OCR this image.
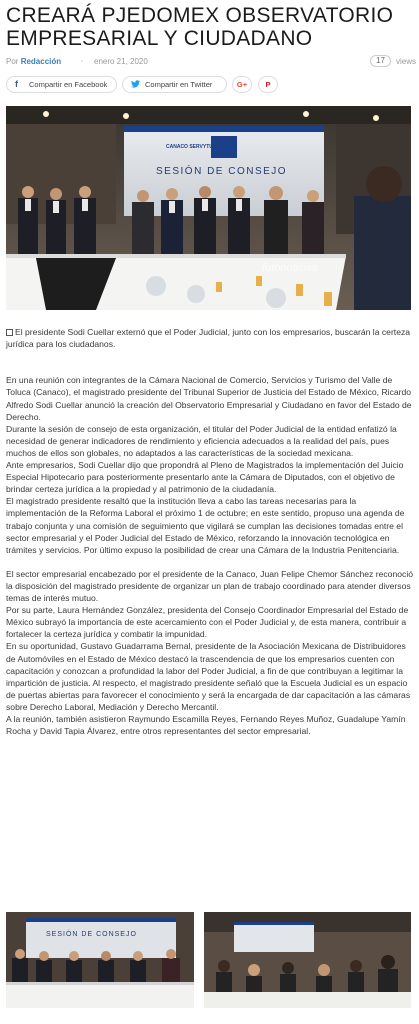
CREARÁ PJEDOMEX OBSERVATORIO EMPRESARIAL Y CIUDADANO
Por Redacción · enero 21, 2020	17	views
f Compartir en Facebook	Compartir en Twitter	G+	P
CANACO SERVYTUR
SESIÓN DE CONSEJO
fotonoticias

El presidente Sodi Cuellar externó que el Poder Judicial, junto con los empresarios, buscarán la certeza jurídica para los ciudadanos.

En una reunión con integrantes de la Cámara Nacional de Comercio, Servicios y Turismo del Valle de Toluca (Canaco), el magistrado presidente del Tribunal Superior de Justicia del Estado de México, Ricardo Alfredo Sodi Cuellar anunció la creación del Observatorio Empresarial y Ciudadano en favor del Estado de Derecho.

Durante la sesión de consejo de esta organización, el titular del Poder Judicial de la entidad enfatizó la necesidad de generar indicadores de rendimiento y eficiencia adecuados a la realidad del país, pues muchos de ellos son globales, no adaptados a las características de la sociedad mexicana.

Ante empresarios, Sodi Cuellar dijo que propondrá al Pleno de Magistrados la implementación del Juicio Especial Hipotecario para posteriormente presentarlo ante la Cámara de Diputados, con el objetivo de brindar certeza jurídica a la propiedad y al patrimonio de la ciudadanía.

El magistrado presidente resaltó que la institución lleva a cabo las tareas necesarias para la implementación de la Reforma Laboral el próximo 1 de octubre; en este sentido, propuso una agenda de trabajo conjunta y una comisión de seguimiento que vigilará se cumplan las decisiones tomadas entre el sector empresarial y el Poder Judicial del Estado de México, reforzando la innovación tecnológica en trámites y servicios. Por último expuso la posibilidad de crear una Cámara de la Industria Penitenciaria.

El sector empresarial encabezado por el presidente de la Canaco, Juan Felipe Chemor Sánchez reconoció la disposición del magistrado presidente de organizar un plan de trabajo coordinado para atender diversos temas de interés mutuo.

Por su parte, Laura Hernández González, presidenta del Consejo Coordinador Empresarial del Estado de México subrayó la importancia de este acercamiento con el Poder Judicial y, de esta manera, contribuir a fortalecer la certeza jurídica y combatir la impunidad.

En su oportunidad, Gustavo Guadarrama Bernal, presidente de la Asociación Mexicana de Distribuidores de Automóviles en el Estado de México destacó la trascendencia de que los empresarios cuenten con capacitación y conozcan a profundidad la labor del Poder Judicial, a fin de que contribuyan a legitimar la impartición de justicia. Al respecto, el magistrado presidente señaló que la Escuela Judicial es un espacio de puertas abiertas para favorecer el conocimiento y será la encargada de dar capacitación a las cámaras sobre Derecho Laboral, Mediación y Derecho Mercantil.

A la reunión, también asistieron Raymundo Escamilla Reyes, Fernando Reyes Muñoz, Guadalupe Yamín Rocha y David Tapia Álvarez, entre otros representantes del sector empresarial.

SESIÓN DE CONSEJO
